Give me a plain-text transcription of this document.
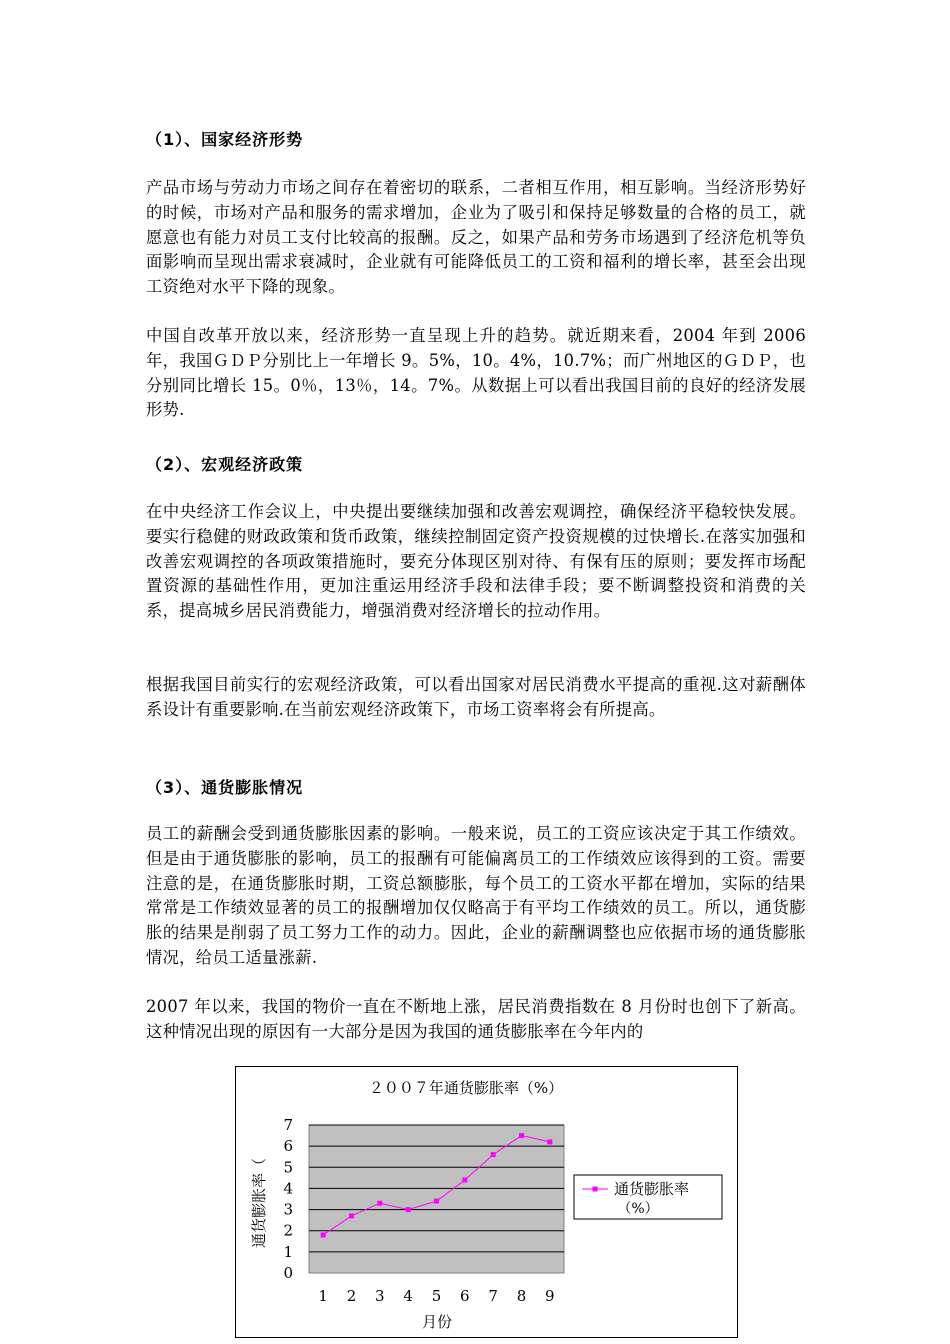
（1）、国家经济形势
产品市场与劳动力市场之间存在着密切的联系，二者相互作用，相互影响。当经济形势好的时候，市场对产品和服务的需求增加，企业为了吸引和保持足够数量的合格的员工，就愿意也有能力对员工支付比较高的报酬。反之，如果产品和劳务市场遇到了经济危机等负面影响而呈现出需求衰减时，企业就有可能降低员工的工资和福利的增长率，甚至会出现工资绝对水平下降的现象。
中国自改革开放以来，经济形势一直呈现上升的趋势。就近期来看，2004 年到 2006 年，我国ＧＤＰ分别比上一年增长 9。5%，10。4%，10.7%；而广州地区的ＧＤＰ，也分别同比增长 15。0％，13％，14。7%。从数据上可以看出我国目前的良好的经济发展形势.
（2）、宏观经济政策
在中央经济工作会议上，中央提出要继续加强和改善宏观调控，确保经济平稳较快发展。要实行稳健的财政政策和货币政策，继续控制固定资产投资规模的过快增长.在落实加强和改善宏观调控的各项政策措施时，要充分体现区别对待、有保有压的原则；要发挥市场配置资源的基础性作用，更加注重运用经济手段和法律手段；要不断调整投资和消费的关系，提高城乡居民消费能力，增强消费对经济增长的拉动作用。
根据我国目前实行的宏观经济政策，可以看出国家对居民消费水平提高的重视.这对薪酬体系设计有重要影响.在当前宏观经济政策下，市场工资率将会有所提高。
（3）、通货膨胀情况
员工的薪酬会受到通货膨胀因素的影响。一般来说，员工的工资应该决定于其工作绩效。但是由于通货膨胀的影响，员工的报酬有可能偏离员工的工作绩效应该得到的工资。需要注意的是，在通货膨胀时期，工资总额膨胀，每个员工的工资水平都在增加，实际的结果常常是工作绩效显著的员工的报酬增加仅仅略高于有平均工作绩效的员工。所以，通货膨胀的结果是削弱了员工努力工作的动力。因此，企业的薪酬调整也应依据市场的通货膨胀情况，给员工适量涨薪.
2007 年以来，我国的物价一直在不断地上涨，居民消费指数在 8 月份时也创下了新高。这种情况出现的原因有一大部分是因为我国的通货膨胀率在今年内的
２００７年通货膨胀率（%）
0
1
2
3
4
5
6
7
1 2 3 4 5 6 7 8 9
通货膨胀率（
月份
通货膨胀率
（%）
